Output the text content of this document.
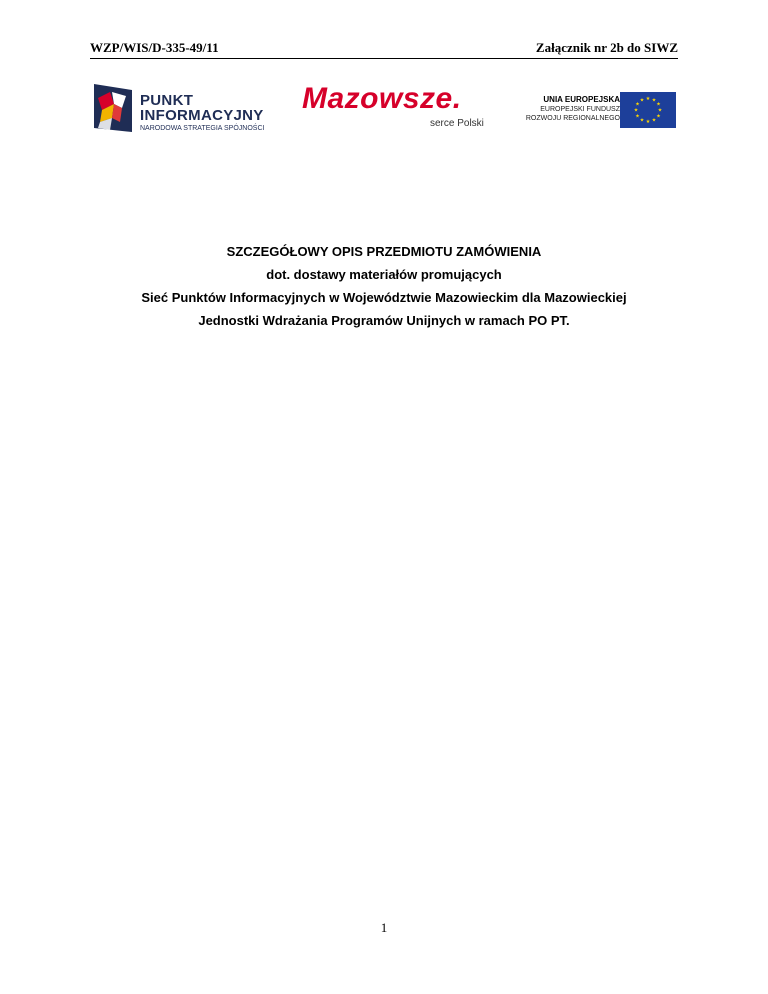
WZP/WIS/D-335-49/11	Załącznik nr 2b do SIWZ
PUNKT
INFORMACYJNY
NARODOWA STRATEGIA SPÓJNOŚCI
Mazowsze.
serce Polski
UNIA EUROPEJSKA
EUROPEJSKI FUNDUSZ
ROZWOJU REGIONALNEGO
★ ★
★
★
★
★
★
★
★
★
★
★
SZCZEGÓŁOWY OPIS PRZEDMIOTU ZAMÓWIENIA
dot. dostawy materiałów promujących
Sieć Punktów Informacyjnych w Województwie Mazowieckim dla Mazowieckiej
Jednostki Wdrażania Programów Unijnych w ramach PO PT.
1
